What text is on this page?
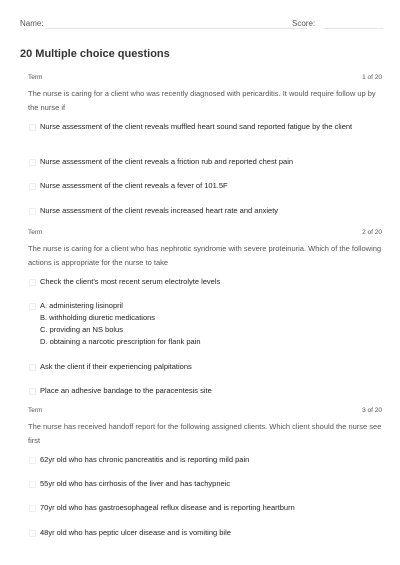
Name:	Score:
20 Multiple choice questions
Term	1 of 20
The nurse is caring for a client who was recently diagnosed with pericarditis. It would require follow up by the nurse if
Nurse assessment of the client reveals muffled heart sound sand reported fatigue by the client
Nurse assessment of the client reveals a friction rub and reported chest pain
Nurse assessment of the client reveals a fever of 101.5F
Nurse assessment of the client reveals increased heart rate and anxiety
Term	2 of 20
The nurse is caring for a client who has nephrotic syndrome with severe proteinuria. Which of the following actions is appropriate for the nurse to take
Check the client's most recent serum electrolyte levels
A. administering lisinopril
B. withholding diuretic medications
C. providing an NS bolus
D. obtaining a narcotic prescription for flank pain
Ask the client if their experiencing palpitations
Place an adhesive bandage to the paracentesis site
Term	3 of 20
The nurse has received handoff report for the following assigned clients. Which client should the nurse see first
62yr old who has chronic pancreatitis and is reporting mild pain
55yr old who has cirrhosis of the liver and has tachypneic
70yr old who has gastroesophageal reflux disease and is reporting heartburn
48yr old who has peptic ulcer disease and is vomiting bile
